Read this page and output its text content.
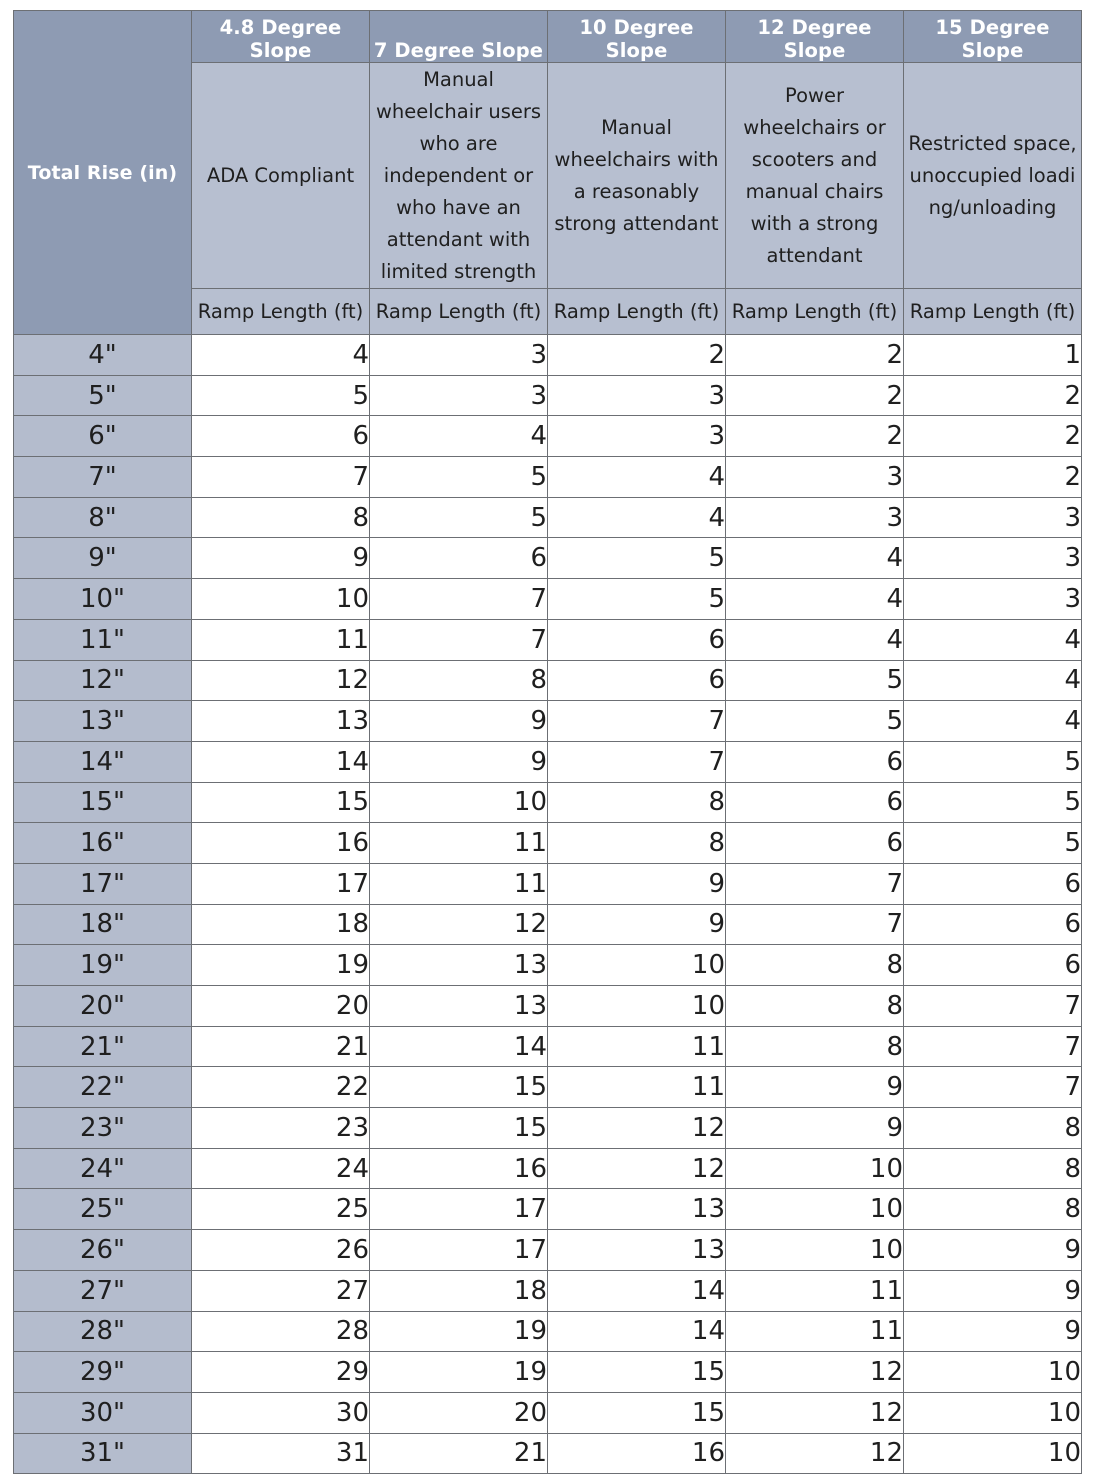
Total Rise (in)	4.8 Degree Slope	7 Degree Slope	10 Degree Slope	12 Degree Slope	15 Degree Slope
	ADA Compliant	Manual wheelchair users who are independent or who have an attendant with limited strength	Manual wheelchairs with a reasonably strong attendant	Power wheelchairs or scooters and manual chairs with a strong attendant	Restricted space, unoccupied loading/unloading
	Ramp Length (ft)	Ramp Length (ft)	Ramp Length (ft)	Ramp Length (ft)	Ramp Length (ft)
4"	4	3	2	2	1
5"	5	3	3	2	2
6"	6	4	3	2	2
7"	7	5	4	3	2
8"	8	5	4	3	3
9"	9	6	5	4	3
10"	10	7	5	4	3
11"	11	7	6	4	4
12"	12	8	6	5	4
13"	13	9	7	5	4
14"	14	9	7	6	5
15"	15	10	8	6	5
16"	16	11	8	6	5
17"	17	11	9	7	6
18"	18	12	9	7	6
19"	19	13	10	8	6
20"	20	13	10	8	7
21"	21	14	11	8	7
22"	22	15	11	9	7
23"	23	15	12	9	8
24"	24	16	12	10	8
25"	25	17	13	10	8
26"	26	17	13	10	9
27"	27	18	14	11	9
28"	28	19	14	11	9
29"	29	19	15	12	10
30"	30	20	15	12	10
31"	31	21	16	12	10
